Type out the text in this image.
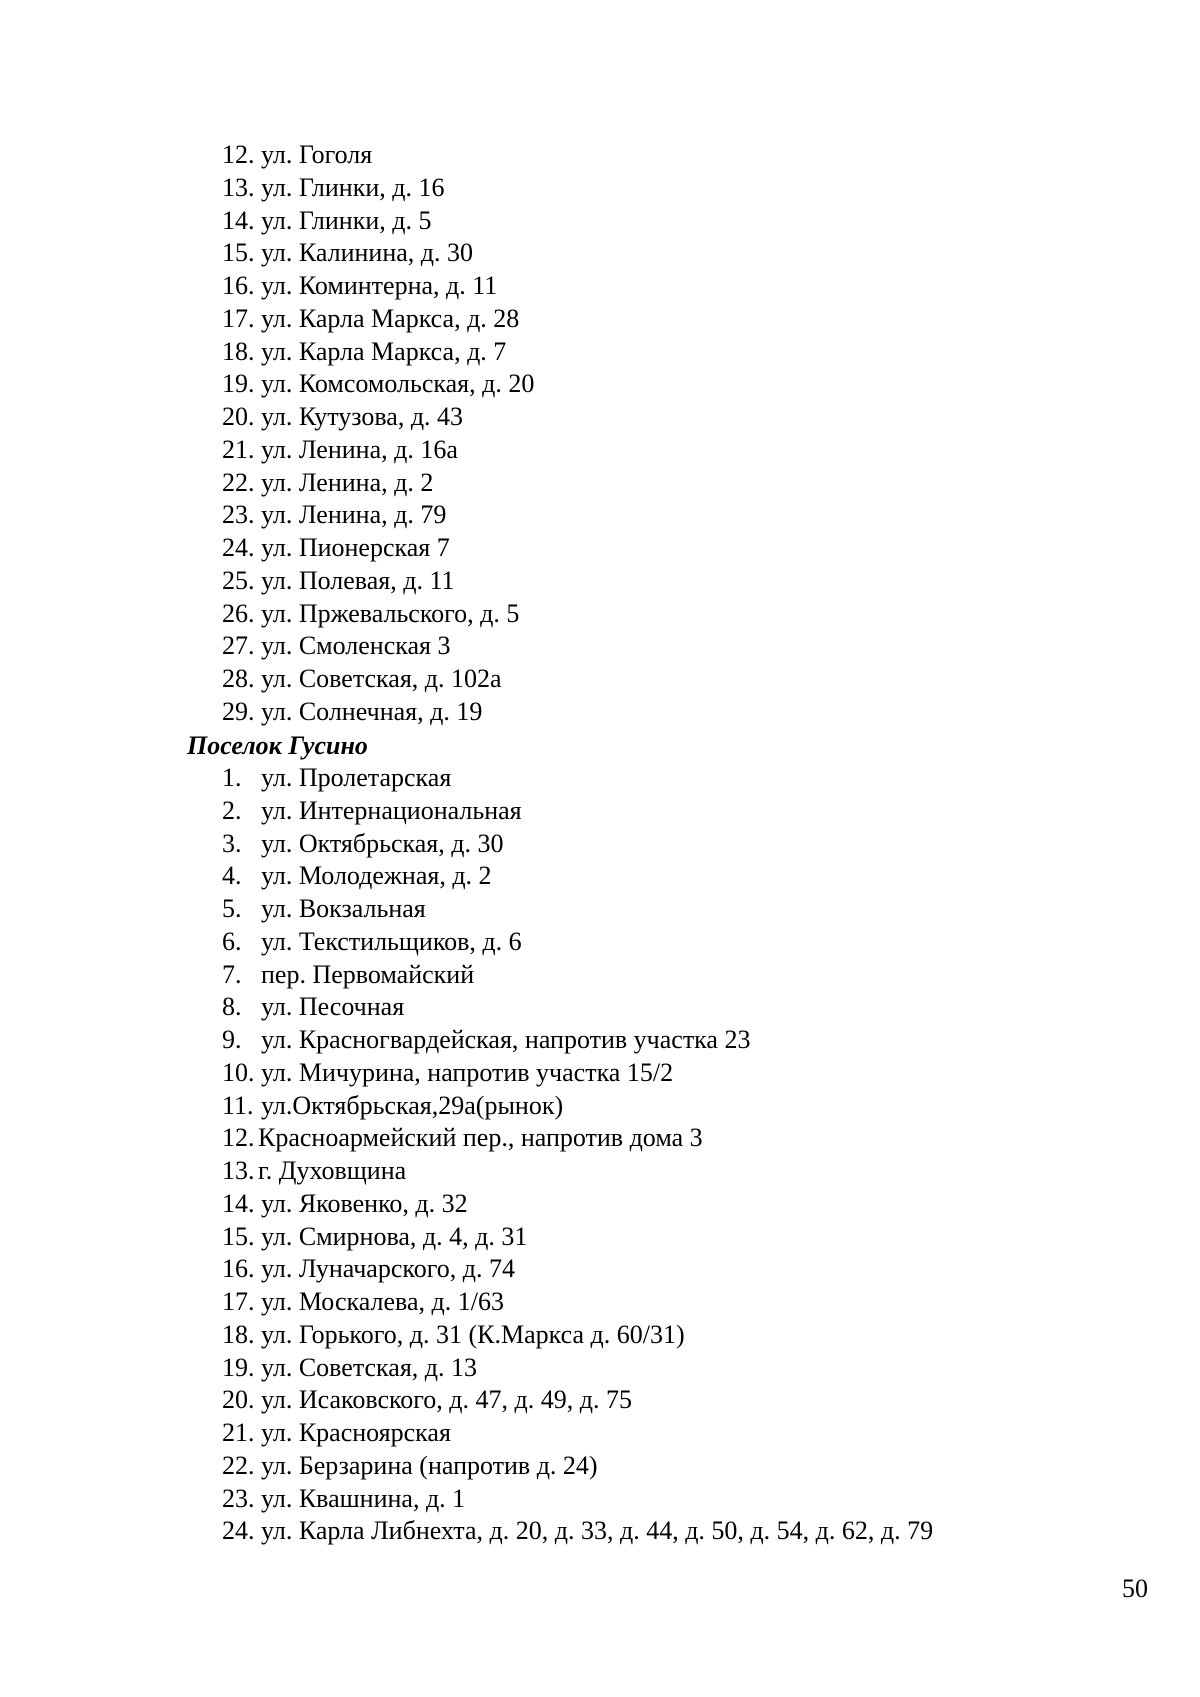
12. ул. Гоголя
13. ул. Глинки, д. 16
14. ул. Глинки, д. 5
15. ул. Калинина, д. 30
16. ул. Коминтерна, д. 11
17. ул. Карла Маркса, д. 28
18. ул. Карла Маркса, д. 7
19. ул. Комсомольская, д. 20
20. ул. Кутузова, д. 43
21. ул. Ленина, д. 16а
22. ул. Ленина, д. 2
23. ул. Ленина, д. 79
24. ул. Пионерская 7
25. ул. Полевая, д. 11
26. ул. Пржевальского, д. 5
27. ул. Смоленская 3
28. ул. Советская, д. 102а
29. ул. Солнечная, д. 19
Поселок Гусино
1. ул. Пролетарская
2. ул. Интернациональная
3. ул. Октябрьская, д. 30
4. ул. Молодежная, д. 2
5. ул. Вокзальная
6. ул. Текстильщиков, д. 6
7. пер. Первомайский
8. ул. Песочная
9. ул. Красногвардейская, напротив участка 23
10. ул. Мичурина, напротив участка 15/2
11. ул.Октябрьская,29а(рынок)
12. Красноармейский пер., напротив дома 3
13. г. Духовщина
14. ул. Яковенко, д. 32
15. ул. Смирнова, д. 4, д. 31
16. ул. Луначарского, д. 74
17. ул. Москалева, д. 1/63
18. ул. Горького, д. 31 (К.Маркса д. 60/31)
19. ул. Советская, д. 13
20. ул. Исаковского, д. 47, д. 49, д. 75
21. ул. Красноярская
22. ул. Берзарина (напротив д. 24)
23. ул. Квашнина, д. 1
24. ул. Карла Либнехта, д. 20, д. 33, д. 44, д. 50, д. 54, д. 62, д. 79
50
